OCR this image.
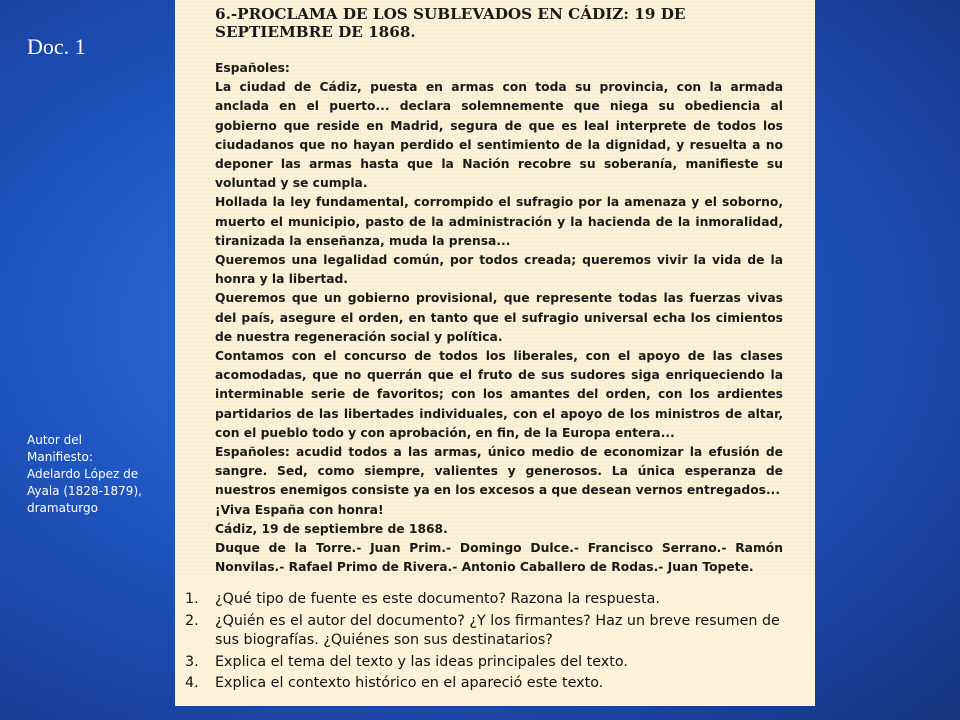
Doc. 1
Autor del
Manifiesto:
Adelardo López de
Ayala (1828-1879),
dramaturgo
6.-PROCLAMA DE LOS SUBLEVADOS EN CÁDIZ: 19 DE SEPTIEMBRE DE 1868.

Españoles:

La ciudad de Cádiz, puesta en armas con toda su provincia, con la armada anclada en el puerto... declara solemnemente que niega su obediencia al gobierno que reside en Madrid, segura de que es leal interprete de todos los ciudadanos que no hayan perdido el sentimiento de la dignidad, y resuelta a no deponer las armas hasta que la Nación recobre su soberanía, manifieste su voluntad y se cumpla.

Hollada la ley fundamental, corrompido el sufragio por la amenaza y el soborno, muerto el municipio, pasto de la administración y la hacienda de la inmoralidad, tiranizada la enseñanza, muda la prensa...

Queremos una legalidad común, por todos creada; queremos vivir la vida de la honra y la libertad.

Queremos que un gobierno provisional, que represente todas las fuerzas vivas del país, asegure el orden, en tanto que el sufragio universal echa los cimientos de nuestra regeneración social y política.

Contamos con el concurso de todos los liberales, con el apoyo de las clases acomodadas, que no querrán que el fruto de sus sudores siga enriqueciendo la interminable serie de favoritos; con los amantes del orden, con los ardientes partidarios de las libertades individuales, con el apoyo de los ministros de altar, con el pueblo todo y con aprobación, en fin, de la Europa entera...

Españoles: acudid todos a las armas, único medio de economizar la efusión de sangre. Sed, como siempre, valientes y generosos. La única esperanza de nuestros enemigos consiste ya en los excesos a que desean vernos entregados...

¡Viva España con honra!

Cádiz, 19 de septiembre de 1868.

Duque de la Torre.- Juan Prim.- Domingo Dulce.- Francisco Serrano.- Ramón Nonvilas.- Rafael Primo de Rivera.- Antonio Caballero de Rodas.- Juan Topete.

1.	¿Qué tipo de fuente es este documento? Razona la respuesta.
2.	¿Quién es el autor del documento? ¿Y los firmantes? Haz un breve resumen de sus biografías. ¿Quiénes son sus destinatarios?
3.	Explica el tema del texto y las ideas principales del texto.
4.	Explica el contexto histórico en el apareció este texto.
